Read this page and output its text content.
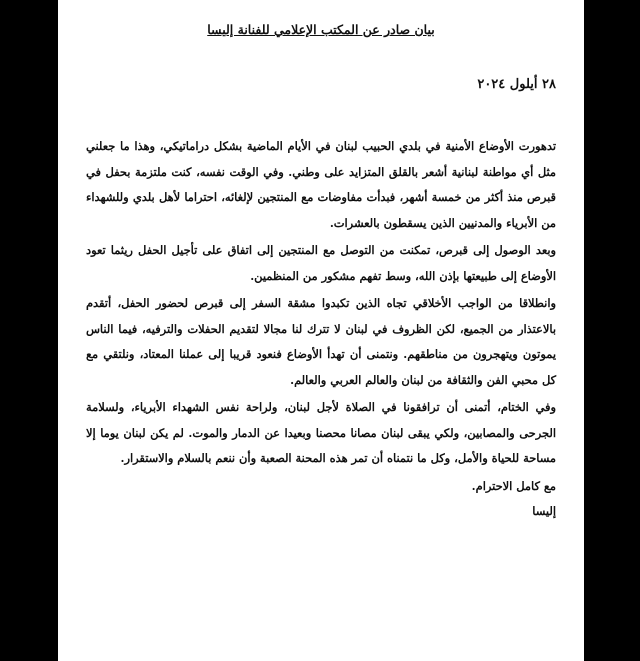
بيان صادر عن المكتب الإعلامي للفنانة إليسا
٢٨ أيلول ٢٠٢٤

تدهورت الأوضاع الأمنية في بلدي الحبيب لبنان في الأيام الماضية بشكل دراماتيكي، وهذا ما جعلني مثل أي مواطنة لبنانية أشعر بالقلق المتزايد على وطني. وفي الوقت نفسه، كنت ملتزمة بحفل في قبرص منذ أكثر من خمسة أشهر، فبدأت مفاوضات مع المنتجين لإلغائه، احتراما لأهل بلدي وللشهداء من الأبرياء والمدنيين الذين يسقطون بالعشرات.

وبعد الوصول إلى قبرص، تمكنت من التوصل مع المنتجين إلى اتفاق على تأجيل الحفل ريثما تعود الأوضاع إلى طبيعتها بإذن الله، وسط تفهم مشكور من المنظمين.

وانطلاقا من الواجب الأخلاقي تجاه الذين تكبدوا مشقة السفر إلى قبرص لحضور الحفل، أتقدم بالاعتذار من الجميع، لكن الظروف في لبنان لا تترك لنا مجالا لتقديم الحفلات والترفيه، فيما الناس يموتون ويتهجرون من مناطقهم. ونتمنى أن تهدأ الأوضاع فنعود قريبا إلى عملنا المعتاد، ونلتقي مع كل محبي الفن والثقافة من لبنان والعالم العربي والعالم.

وفي الختام، أتمنى أن ترافقونا في الصلاة لأجل لبنان، ولراحة نفس الشهداء الأبرياء، ولسلامة الجرحى والمصابين، ولكي يبقى لبنان مصانا محصنا وبعيدا عن الدمار والموت. لم يكن لبنان يوما إلا مساحة للحياة والأمل، وكل ما نتمناه أن تمر هذه المحنة الصعبة وأن ننعم بالسلام والاستقرار.

مع كامل الاحترام.

إليسا
